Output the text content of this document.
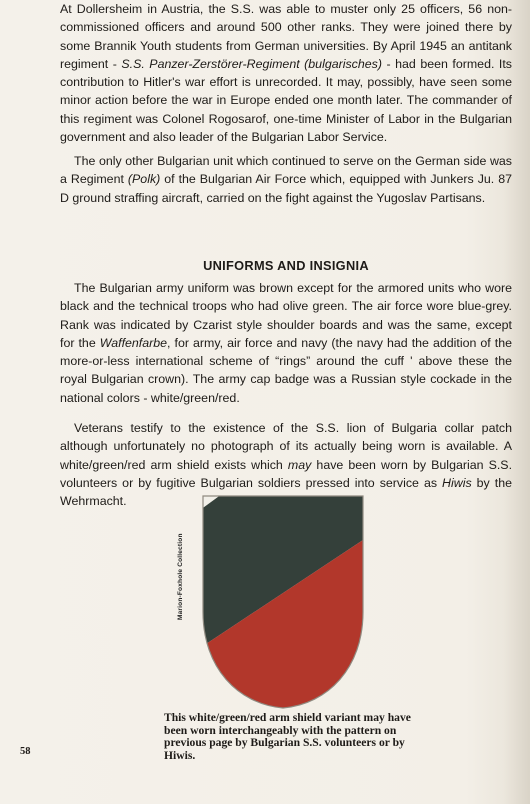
At Dollersheim in Austria, the S.S. was able to muster only 25 officers, 56 non-commissioned officers and around 500 other ranks. They were joined there by some Brannik Youth students from German universities. By April 1945 an antitank regiment - S.S. Panzer-Zerstörer-Regiment (bulgarisches) - had been formed. Its contribution to Hitler's war effort is unrecorded. It may, possibly, have seen some minor action before the war in Europe ended one month later. The commander of this regiment was Colonel Rogosarof, one-time Minister of Labor in the Bulgarian government and also leader of the Bulgarian Labor Service.

The only other Bulgarian unit which continued to serve on the German side was a Regiment (Polk) of the Bulgarian Air Force which, equipped with Junkers Ju. 87 D ground straffing aircraft, carried on the fight against the Yugoslav Partisans.

UNIFORMS AND INSIGNIA

The Bulgarian army uniform was brown except for the armored units who wore black and the technical troops who had olive green. The air force wore blue-grey. Rank was indicated by Czarist style shoulder boards and was the same, except for the Waffenfarbe, for army, air force and navy (the navy had the addition of the more-or-less international scheme of “rings” around the cuff ' above these the royal Bulgarian crown). The army cap badge was a Russian style cockade in the national colors - white/green/red.

Veterans testify to the existence of the S.S. lion of Bulgaria collar patch although unfortunately no photograph of its actually being worn is available. A white/green/red arm shield exists which may have been worn by Bulgarian S.S. volunteers or by fugitive Bulgarian soldiers pressed into service as Hiwis by the Wehrmacht.

Marion-Foxhole Collection
This white/green/red arm shield variant may have been worn interchangeably with the pattern on previous page by Bulgarian S.S. volunteers or by Hiwis.
58
